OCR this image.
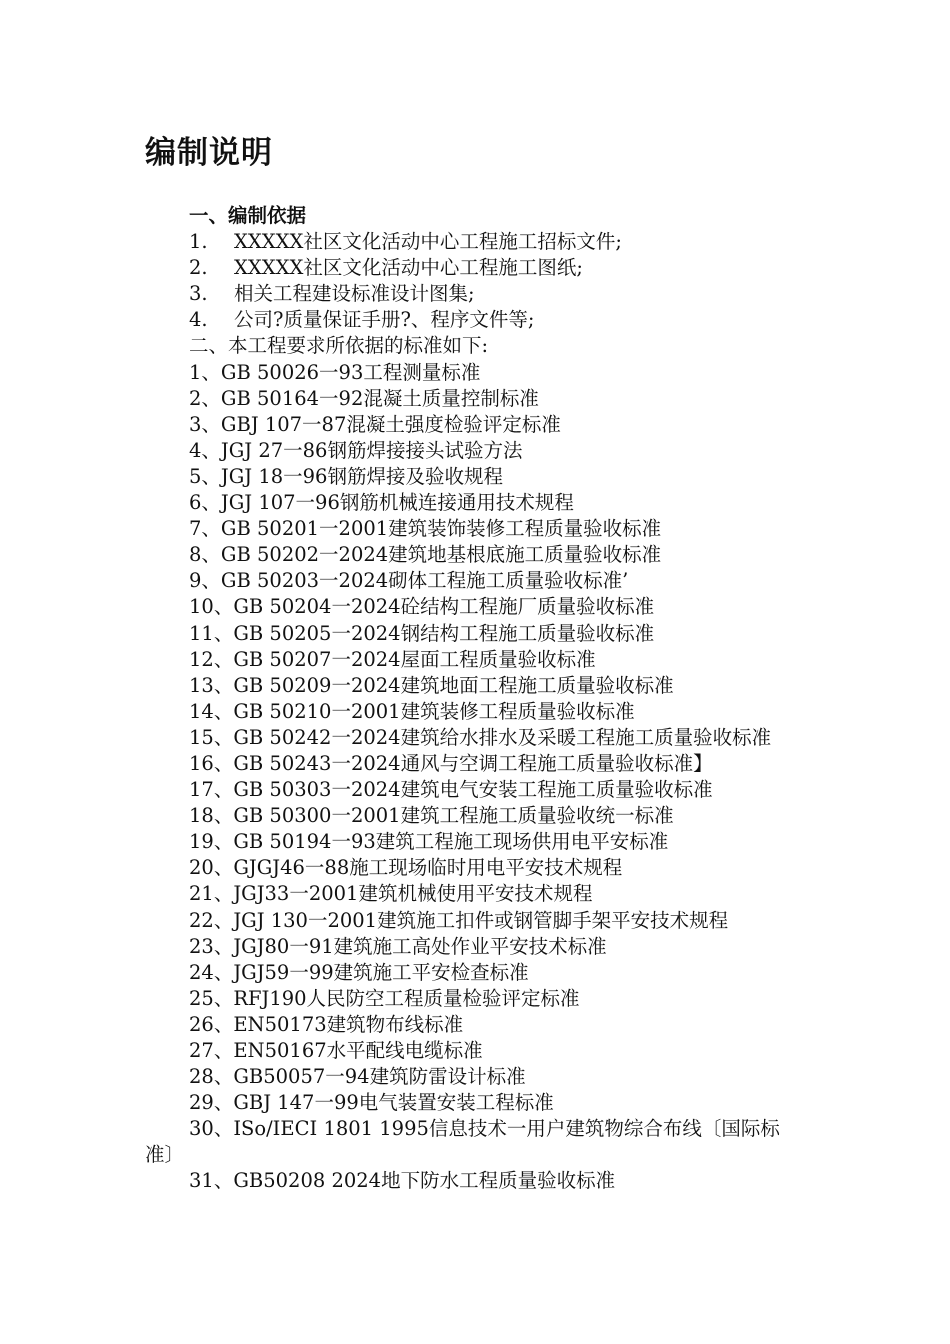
编制说明
一、编制依据
1. XXXXX社区文化活动中心工程施工招标文件;
2. XXXXX社区文化活动中心工程施工图纸;
3. 相关工程建设标准设计图集;
4. 公司?质量保证手册?、程序文件等;
二、本工程要求所依据的标准如下:
1、GB 50026一93工程测量标准
2、GB 50164一92混凝土质量控制标准
3、GBJ 107一87混凝土强度检验评定标准
4、JGJ 27一86钢筋焊接接头试验方法
5、JGJ 18一96钢筋焊接及验收规程
6、JGJ 107一96钢筋机械连接通用技术规程
7、GB 50201一2001建筑装饰装修工程质量验收标准
8、GB 50202一2024建筑地基根底施工质量验收标准
9、GB 50203一2024砌体工程施工质量验收标准’
10、GB 50204一2024砼结构工程施厂质量验收标准
11、GB 50205一2024钢结构工程施工质量验收标准
12、GB 50207一2024屋面工程质量验收标准
13、GB 50209一2024建筑地面工程施工质量验收标准
14、GB 50210一2001建筑装修工程质量验收标准
15、GB 50242一2024建筑给水排水及采暖工程施工质量验收标准
16、GB 50243一2024通风与空调工程施工质量验收标准】
17、GB 50303一2024建筑电气安装工程施工质量验收标准
18、GB 50300一2001建筑工程施工质量验收统一标准
19、GB 50194一93建筑工程施工现场供用电平安标准
20、GJGJ46一88施工现场临时用电平安技术规程
21、JGJ33一2001建筑机械使用平安技术规程
22、JGJ 130一2001建筑施工扣件或钢管脚手架平安技术规程
23、JGJ80一91建筑施工高处作业平安技术标准
24、JGJ59一99建筑施工平安检查标准
25、RFJ190人民防空工程质量检验评定标准
26、EN50173建筑物布线标准
27、EN50167水平配线电缆标准
28、GB50057一94建筑防雷设计标准
29、GBJ 147一99电气装置安装工程标准
30、ISo/IECI 1801 1995信息技术一用户建筑物综合布线〔国际标准〕
31、GB50208 2024地下防水工程质量验收标准
